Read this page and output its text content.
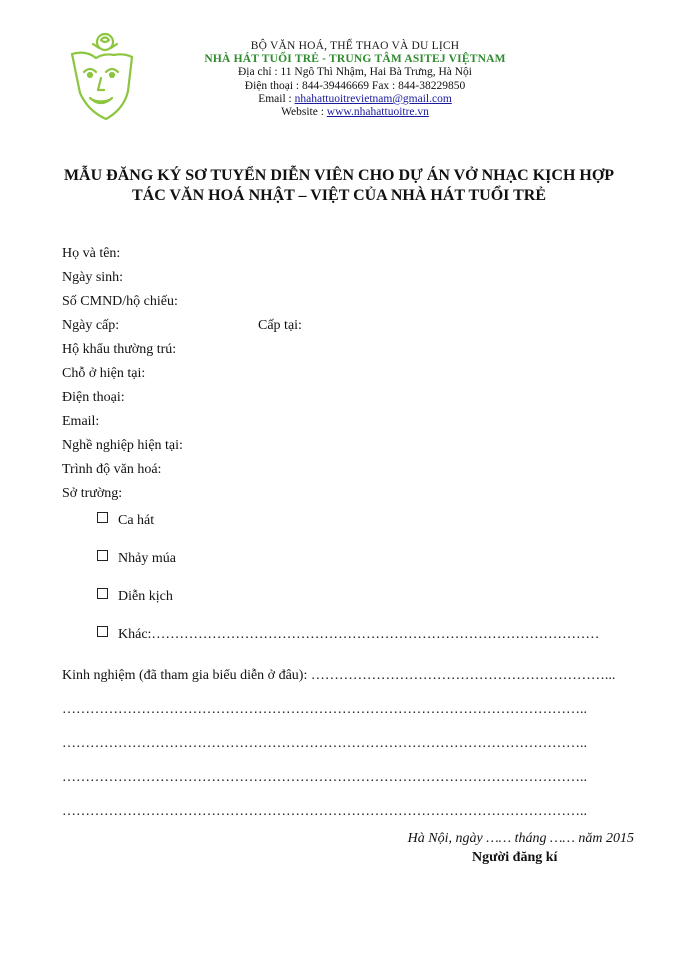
BỘ VĂN HOÁ, THỂ THAO VÀ DU LỊCH
NHÀ HÁT TUỔI TRẺ - TRUNG TÂM ASITEJ VIỆTNAM
Địa chỉ : 11 Ngô Thì Nhậm, Hai Bà Trưng, Hà Nội
Điện thoại : 844-39446669 Fax : 844-38229850
Email : nhahattuoitrevietnam@gmail.com
Website : www.nhahattuoitre.vn
MẪU ĐĂNG KÝ SƠ TUYỂN DIỄN VIÊN CHO DỰ ÁN VỞ NHẠC KỊCH HỢP
TÁC VĂN HOÁ NHẬT – VIỆT CỦA NHÀ HÁT TUỔI TRẺ
Họ và tên:
Ngày sinh:
Số CMND/hộ chiếu:
Ngày cấp:	Cấp tại:
Hộ khẩu thường trú:
Chỗ ở hiện tại:
Điện thoại:
Email:
Nghề nghiệp hiện tại:
Trình độ văn hoá:
Sở trường:
Ca hát
Nhảy múa
Diễn kịch
Khác:……………………………………………………………………………………
Kinh nghiệm (đã tham gia biểu diễn ở đâu): ………………………………………………………...
…………………………………………………………………………………………………..
…………………………………………………………………………………………………..
…………………………………………………………………………………………………..
…………………………………………………………………………………………………..
Hà Nội, ngày …… tháng …… năm 2015
Người đăng kí
